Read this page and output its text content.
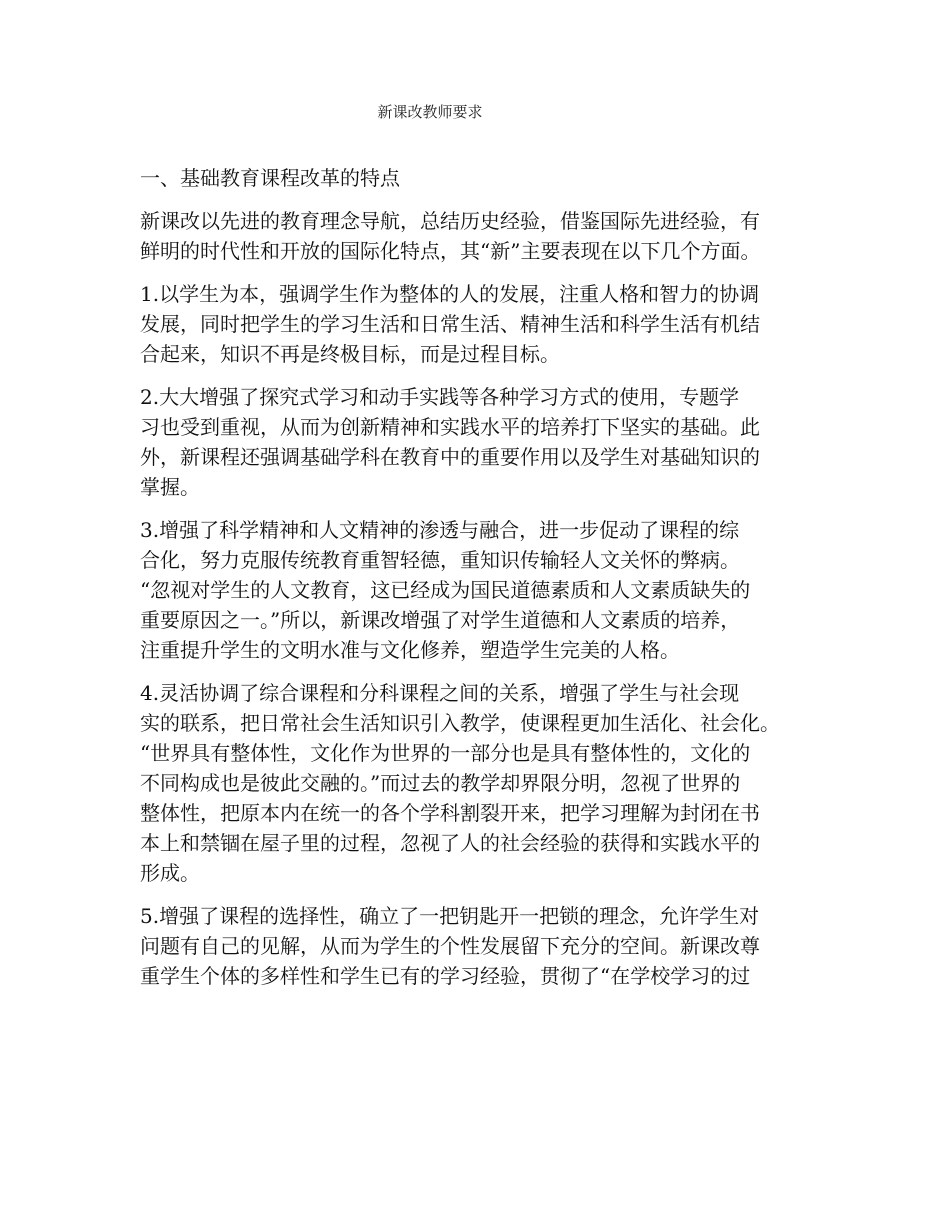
新课改教师要求
一、基础教育课程改革的特点
新课改以先进的教育理念导航，总结历史经验，借鉴国际先进经验，有
鲜明的时代性和开放的国际化特点，其“新”主要表现在以下几个方面。
1.以学生为本，强调学生作为整体的人的发展，注重人格和智力的协调
发展，同时把学生的学习生活和日常生活、精神生活和科学生活有机结
合起来，知识不再是终极目标，而是过程目标。
2.大大增强了探究式学习和动手实践等各种学习方式的使用，专题学
习也受到重视，从而为创新精神和实践水平的培养打下坚实的基础。此
外，新课程还强调基础学科在教育中的重要作用以及学生对基础知识的
掌握。
3.增强了科学精神和人文精神的渗透与融合，进一步促动了课程的综
合化，努力克服传统教育重智轻德，重知识传输轻人文关怀的弊病。
“忽视对学生的人文教育，这已经成为国民道德素质和人文素质缺失的
重要原因之一。”所以，新课改增强了对学生道德和人文素质的培养，
注重提升学生的文明水准与文化修养，塑造学生完美的人格。
4.灵活协调了综合课程和分科课程之间的关系，增强了学生与社会现
实的联系，把日常社会生活知识引入教学，使课程更加生活化、社会化。
“世界具有整体性，文化作为世界的一部分也是具有整体性的，文化的
不同构成也是彼此交融的。”而过去的教学却界限分明，忽视了世界的
整体性，把原本内在统一的各个学科割裂开来，把学习理解为封闭在书
本上和禁锢在屋子里的过程，忽视了人的社会经验的获得和实践水平的
形成。
5.增强了课程的选择性，确立了一把钥匙开一把锁的理念，允许学生对
问题有自己的见解，从而为学生的个性发展留下充分的空间。新课改尊
重学生个体的多样性和学生已有的学习经验，贯彻了“在学校学习的过
